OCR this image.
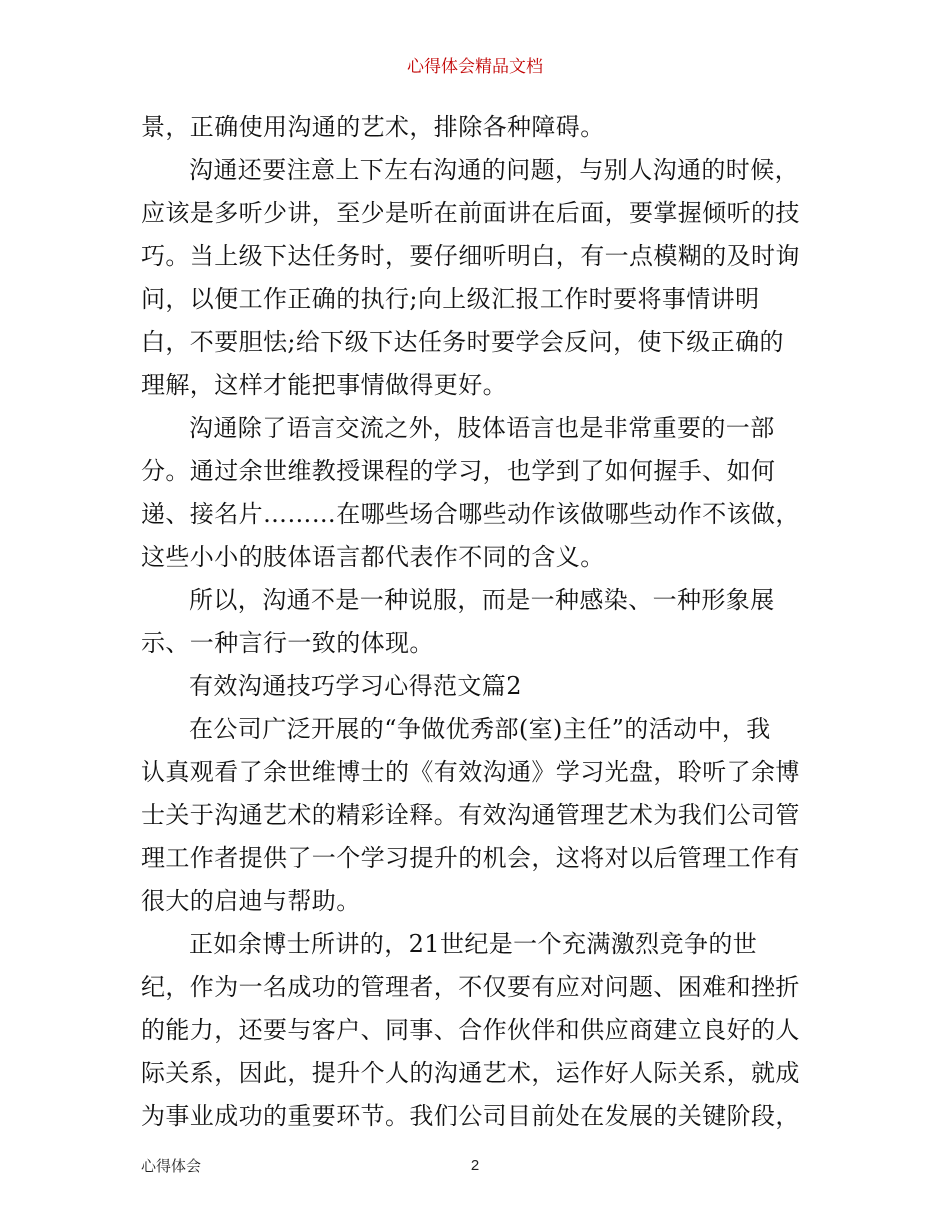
心得体会精品文档
景，正确使用沟通的艺术，排除各种障碍。
沟通还要注意上下左右沟通的问题，与别人沟通的时候，
应该是多听少讲，至少是听在前面讲在后面，要掌握倾听的技
巧。当上级下达任务时，要仔细听明白，有一点模糊的及时询
问，以便工作正确的执行;向上级汇报工作时要将事情讲明
白，不要胆怯;给下级下达任务时要学会反问，使下级正确的
理解，这样才能把事情做得更好。
沟通除了语言交流之外，肢体语言也是非常重要的一部
分。通过余世维教授课程的学习，也学到了如何握手、如何
递、接名片………在哪些场合哪些动作该做哪些动作不该做，
这些小小的肢体语言都代表作不同的含义。
所以，沟通不是一种说服，而是一种感染、一种形象展
示、一种言行一致的体现。
有效沟通技巧学习心得范文篇2
在公司广泛开展的“争做优秀部(室)主任”的活动中，我
认真观看了余世维博士的《有效沟通》学习光盘，聆听了余博
士关于沟通艺术的精彩诠释。有效沟通管理艺术为我们公司管
理工作者提供了一个学习提升的机会，这将对以后管理工作有
很大的启迪与帮助。
正如余博士所讲的，21世纪是一个充满激烈竞争的世
纪，作为一名成功的管理者，不仅要有应对问题、困难和挫折
的能力，还要与客户、同事、合作伙伴和供应商建立良好的人
际关系，因此，提升个人的沟通艺术，运作好人际关系，就成
为事业成功的重要环节。我们公司目前处在发展的关键阶段，
心得体会	2
